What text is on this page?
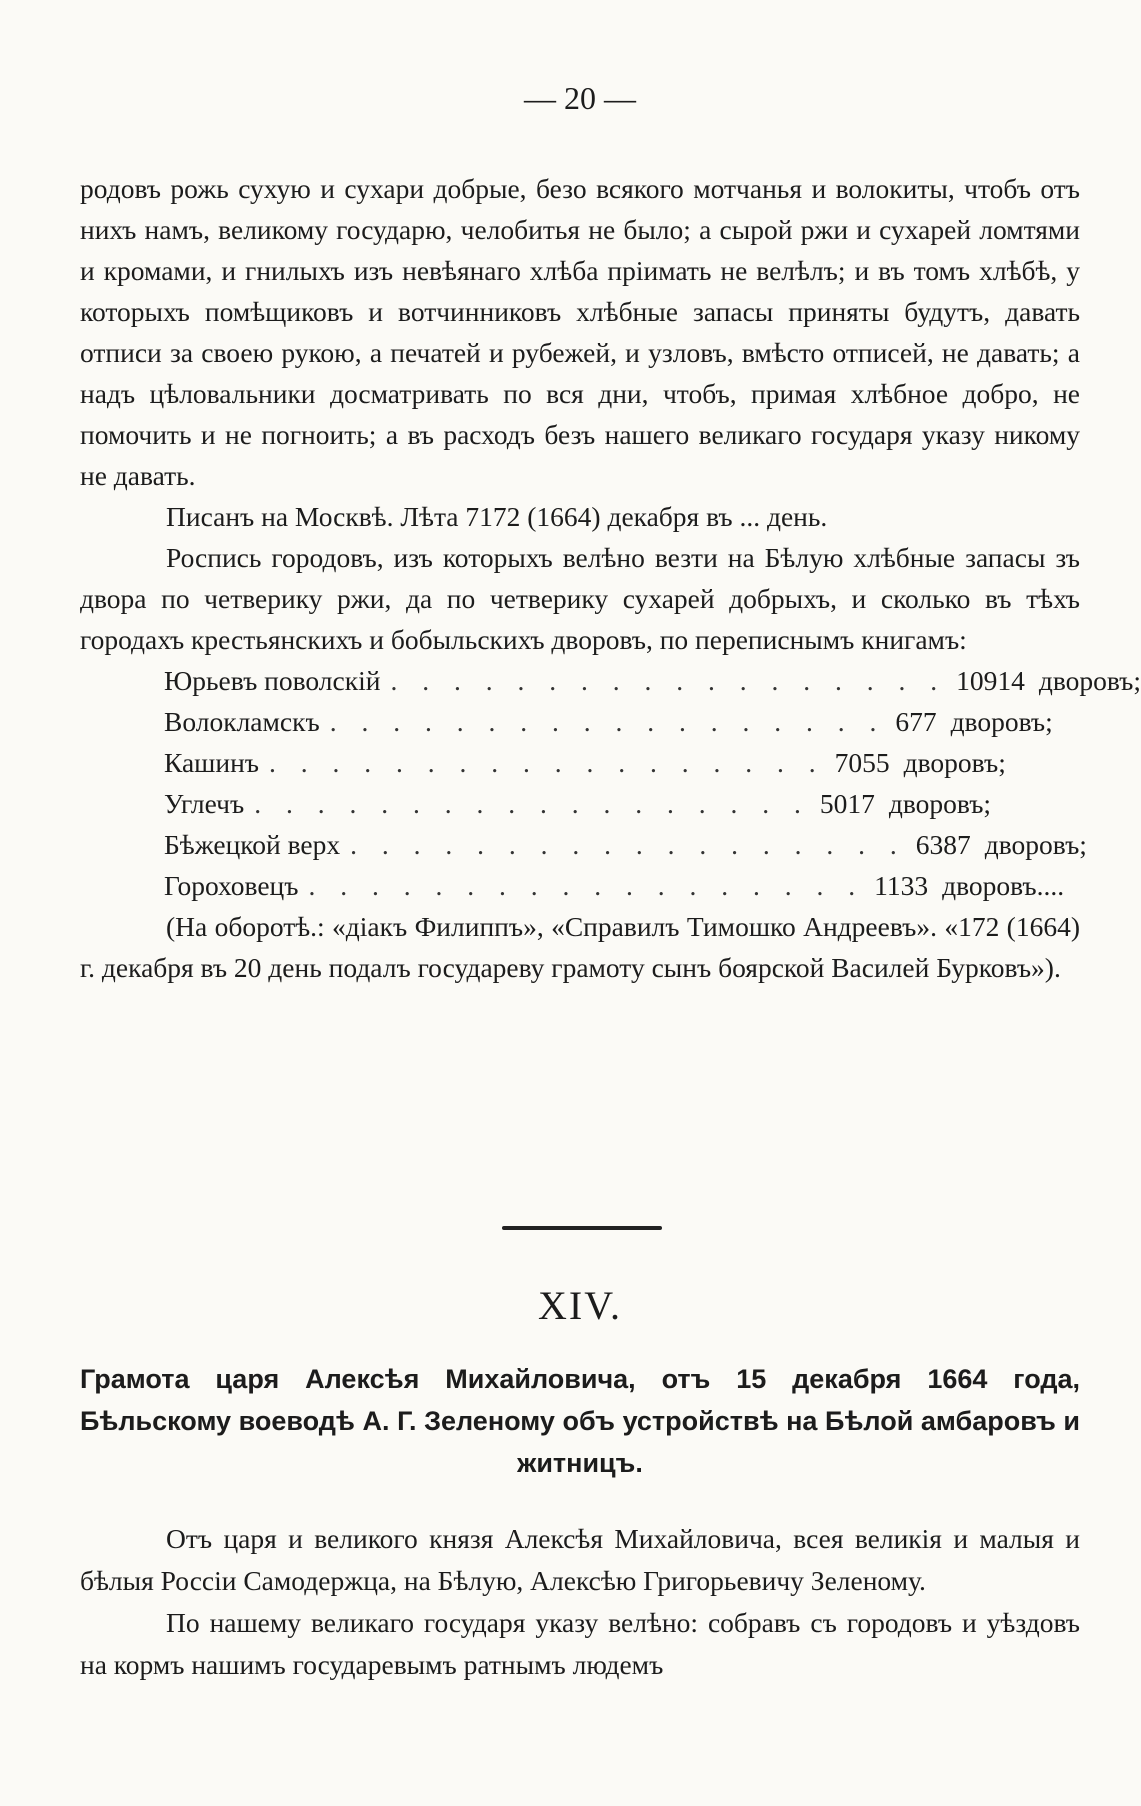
— 20 —

родовъ рожь сухую и сухари добрые, безо всякого мотчанья и волокиты, чтобъ отъ нихъ намъ, великому государю, челобитья не было; а сырой ржи и сухарей ломтями и кромами, и гнилыхъ изъ невѣянаго хлѣба пріимать не велѣлъ; и въ томъ хлѣбѣ, у которыхъ помѣщиковъ и вотчинниковъ хлѣбные запасы приняты будутъ, давать отписи за своею рукою, а печатей и рубежей, и узловъ, вмѣсто отписей, не давать; а надъ цѣловальники досматривать по вся дни, чтобъ, примая хлѣбное добро, не помочить и не погноить; а въ расходъ безъ нашего великаго государя указу никому не давать.

Писанъ на Москвѣ. Лѣта 7172 (1664) декабря въ ... день.

Роспись городовъ, изъ которыхъ велѣно везти на Бѣлую хлѣбные запасы зъ двора по четверику ржи, да по четверику сухарей добрыхъ, и сколько въ тѣхъ городахъ крестьянскихъ и бобыльскихъ дворовъ, по переписнымъ книгамъ:

Юрьевъ поволскій . . . . . . . . . . . . . . . . . . 10914 дворовъ;
Волокламскъ . . . . . . . . . . . . . . . . . . 677 дворовъ;
Кашинъ . . . . . . . . . . . . . . . . . . 7055 дворовъ;
Углечъ . . . . . . . . . . . . . . . . . . 5017 дворовъ;
Бѣжецкой верх . . . . . . . . . . . . . . . . . . 6387 дворовъ;
Гороховецъ . . . . . . . . . . . . . . . . . . 1133 дворовъ....

(На оборотѣ.: «діакъ Филиппъ», «Справилъ Тимошко Андреевъ». «172 (1664) г. декабря въ 20 день подалъ государеву грамоту сынъ боярской Василей Бурковъ»).

XIV.

Грамота царя Алексѣя Михайловича, отъ 15 декабря 1664 года, Бѣльскому воеводѣ А. Г. Зеленому объ устройствѣ на Бѣлой амбаровъ и житницъ.

Отъ царя и великого князя Алексѣя Михайловича, всея великія и малыя и бѣлыя Россіи Самодержца, на Бѣлую, Алексѣю Григорьевичу Зеленому.

По нашему великаго государя указу велѣно: собравъ съ городовъ и уѣздовъ на кормъ нашимъ государевымъ ратнымъ людемъ
